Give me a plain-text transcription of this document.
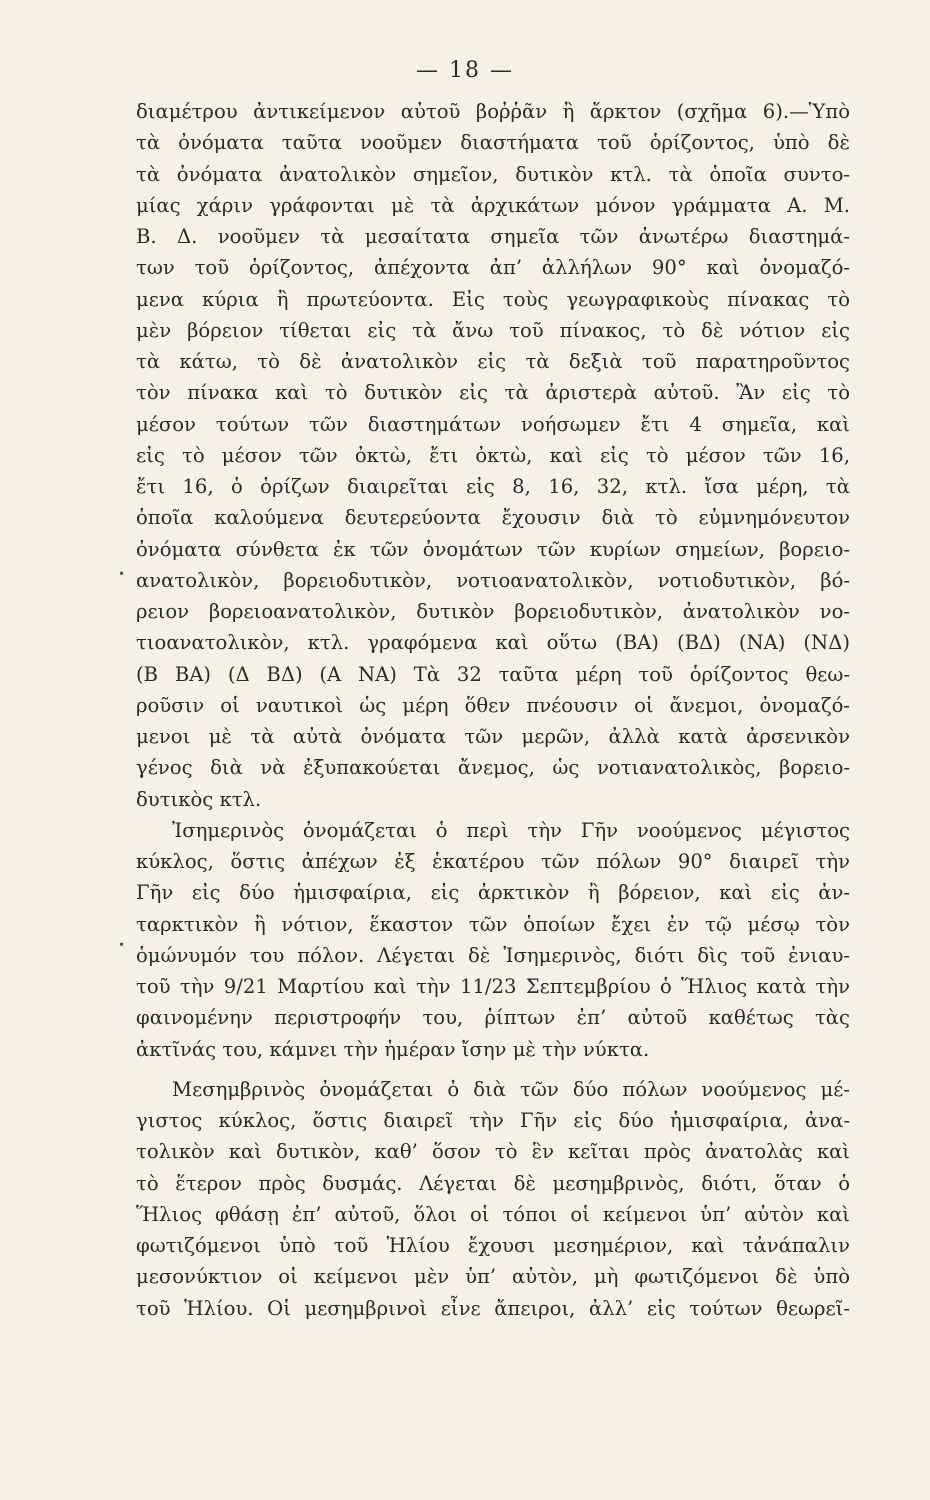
— 18 —
•
•

διαμέτρου ἀντικείμενον αὐτοῦ βοῤῥᾶν ἢ ἄρκτον (σχῆμα 6).—Ὑπὸ

τὰ ὀνόματα ταῦτα νοοῦμεν διαστήματα τοῦ ὁρίζοντος, ὑπὸ δὲ

τὰ ὀνόματα ἀνατολικὸν σημεῖον, δυτικὸν κτλ. τὰ ὁποῖα συντο-

μίας χάριν γράφονται μὲ τὰ ἀρχικάτων μόνον γράμματα Α. Μ.

Β. Δ. νοοῦμεν τὰ μεσαίτατα σημεῖα τῶν ἀνωτέρω διαστημά-

των τοῦ ὁρίζοντος, ἀπέχοντα ἀπ’ ἀλλήλων 90° καὶ ὀνομαζό-

μενα κύρια ἢ πρωτεύοντα. Εἰς τοὺς γεωγραφικοὺς πίνακας τὸ

μὲν βόρειον τίθεται εἰς τὰ ἄνω τοῦ πίνακος, τὸ δὲ νότιον εἰς

τὰ κάτω, τὸ δὲ ἀνατολικὸν εἰς τὰ δεξιὰ τοῦ παρατηροῦντος

τὸν πίνακα καὶ τὸ δυτικὸν εἰς τὰ ἀριστερὰ αὐτοῦ. Ἂν εἰς τὸ

μέσον τούτων τῶν διαστημάτων νοήσωμεν ἔτι 4 σημεῖα, καὶ

εἰς τὸ μέσον τῶν ὀκτὼ, ἔτι ὀκτὼ, καὶ εἰς τὸ μέσον τῶν 16,

ἔτι 16, ὁ ὁρίζων διαιρεῖται εἰς 8, 16, 32, κτλ. ἴσα μέρη, τὰ

ὁποῖα καλούμενα δευτερεύοντα ἔχουσιν διὰ τὸ εὐμνημόνευτον

ὀνόματα σύνθετα ἐκ τῶν ὀνομάτων τῶν κυρίων σημείων, βορειο-

ανατολικὸν, βορειοδυτικὸν, νοτιοανατολικὸν, νοτιοδυτικὸν, βό-

ρειον βορειοανατολικὸν, δυτικὸν βορειοδυτικὸν, ἀνατολικὸν νο-

τιοανατολικὸν, κτλ. γραφόμενα καὶ οὕτω (ΒΑ) (ΒΔ) (ΝΑ) (ΝΔ)

(Β ΒΑ) (Δ ΒΔ) (Α ΝΑ) Τὰ 32 ταῦτα μέρη τοῦ ὁρίζοντος θεω-

ροῦσιν οἱ ναυτικοὶ ὡς μέρη ὅθεν πνέουσιν οἱ ἄνεμοι, ὀνομαζό-

μενοι μὲ τὰ αὐτὰ ὀνόματα τῶν μερῶν, ἀλλὰ κατὰ ἀρσενικὸν

γένος διὰ νὰ ἐξυπακούεται ἄνεμος, ὡς νοτιανατολικὸς, βορειο-

δυτικὸς κτλ.

Ἰσημερινὸς ὀνομάζεται ὁ περὶ τὴν Γῆν νοούμενος μέγιστος

κύκλος, ὅστις ἀπέχων ἐξ ἑκατέρου τῶν πόλων 90° διαιρεῖ τὴν

Γῆν εἰς δύο ἡμισφαίρια, εἰς ἀρκτικὸν ἢ βόρειον, καὶ εἰς ἀν-

ταρκτικὸν ἢ νότιον, ἕκαστον τῶν ὁποίων ἔχει ἐν τῷ μέσῳ τὸν

ὁμώνυμόν του πόλον. Λέγεται δὲ Ἰσημερινὸς, διότι δὶς τοῦ ἐνιαυ-

τοῦ τὴν 9/21 Μαρτίου καὶ τὴν 11/23 Σεπτεμβρίου ὁ Ἥλιος κατὰ τὴν

φαινομένην περιστροφήν του, ῥίπτων ἐπ’ αὐτοῦ καθέτως τὰς

ἀκτῖνάς του, κάμνει τὴν ἡμέραν ἴσην μὲ τὴν νύκτα.

Μεσημβρινὸς ὀνομάζεται ὁ διὰ τῶν δύο πόλων νοούμενος μέ-

γιστος κύκλος, ὅστις διαιρεῖ τὴν Γῆν εἰς δύο ἡμισφαίρια, ἀνα-

τολικὸν καὶ δυτικὸν, καθ’ ὅσον τὸ ἓν κεῖται πρὸς ἀνατολὰς καὶ

τὸ ἕτερον πρὸς δυσμάς. Λέγεται δὲ μεσημβρινὸς, διότι, ὅταν ὁ

Ἥλιος φθάσῃ ἐπ’ αὐτοῦ, ὅλοι οἱ τόποι οἱ κείμενοι ὑπ’ αὐτὸν καὶ

φωτιζόμενοι ὑπὸ τοῦ Ἡλίου ἔχουσι μεσημέριον, καὶ τἀνάπαλιν

μεσονύκτιον οἱ κείμενοι μὲν ὑπ’ αὐτὸν, μὴ φωτιζόμενοι δὲ ὑπὸ

τοῦ Ἡλίου. Οἱ μεσημβρινοὶ εἶνε ἄπειροι, ἀλλ’ εἰς τούτων θεωρεῖ-
